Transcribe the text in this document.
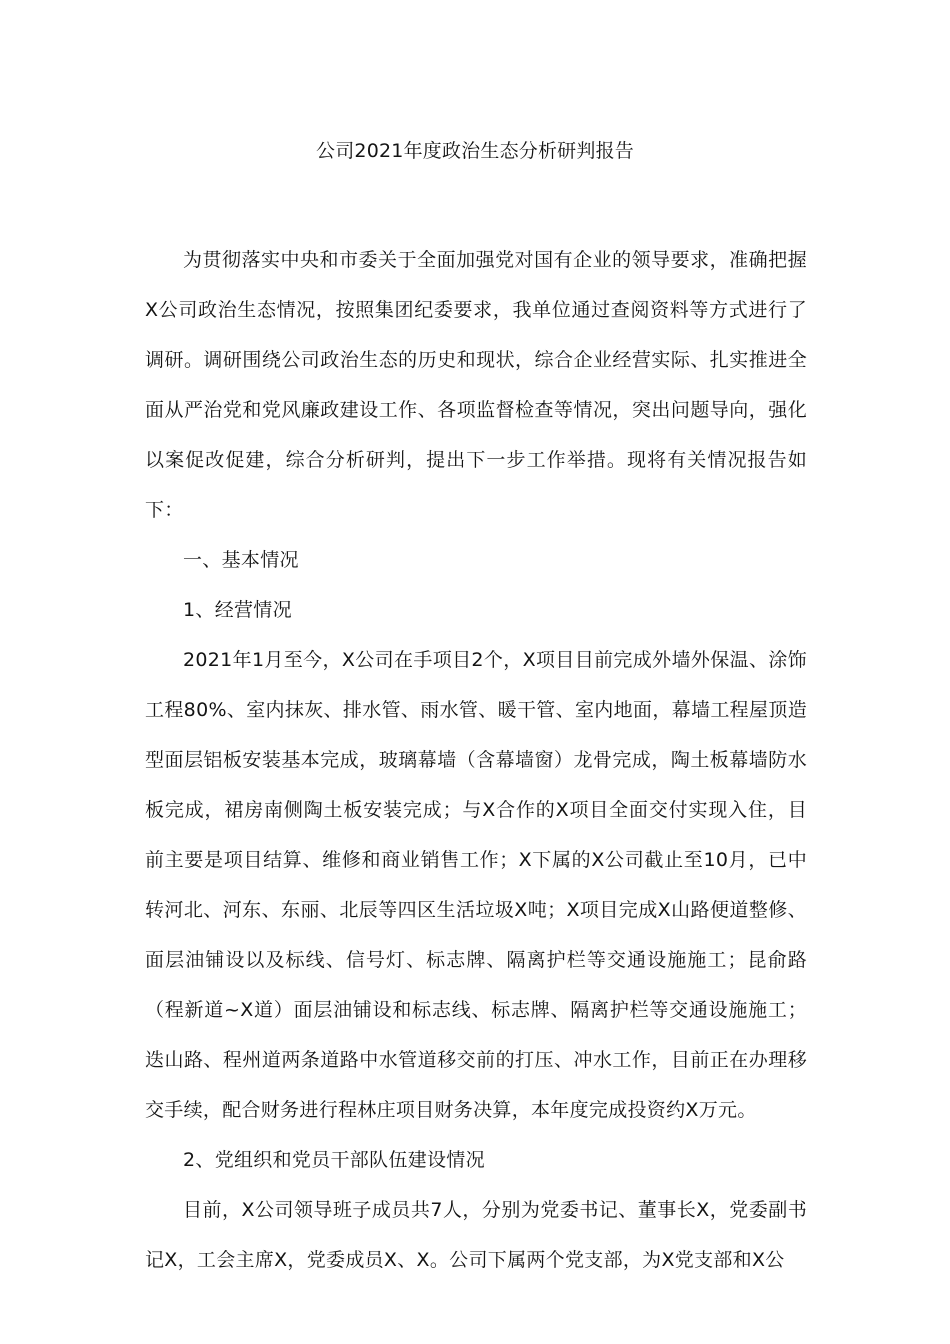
公司2021年度政治生态分析研判报告

为贯彻落实中央和市委关于全面加强党对国有企业的领导要求，准确把握X公司政治生态情况，按照集团纪委要求，我单位通过查阅资料等方式进行了调研。调研围绕公司政治生态的历史和现状，综合企业经营实际、扎实推进全面从严治党和党风廉政建设工作、各项监督检查等情况，突出问题导向，强化以案促改促建，综合分析研判，提出下一步工作举措。现将有关情况报告如下：

一、基本情况

1、经营情况

2021年1月至今，X公司在手项目2个，X项目目前完成外墙外保温、涂饰工程80%、室内抹灰、排水管、雨水管、暖干管、室内地面，幕墙工程屋顶造型面层铝板安装基本完成，玻璃幕墙（含幕墙窗）龙骨完成，陶土板幕墙防水板完成，裙房南侧陶土板安装完成；与X合作的X项目全面交付实现入住，目前主要是项目结算、维修和商业销售工作；X下属的X公司截止至10月，已中转河北、河东、东丽、北辰等四区生活垃圾X吨；X项目完成X山路便道整修、面层油铺设以及标线、信号灯、标志牌、隔离护栏等交通设施施工；昆俞路（程新道~X道）面层油铺设和标志线、标志牌、隔离护栏等交通设施施工；迭山路、程州道两条道路中水管道移交前的打压、冲水工作，目前正在办理移交手续，配合财务进行程林庄项目财务决算，本年度完成投资约X万元。

2、党组织和党员干部队伍建设情况

目前，X公司领导班子成员共7人，分别为党委书记、董事长X，党委副书记X，工会主席X，党委成员X、X。公司下属两个党支部，为X党支部和X公
